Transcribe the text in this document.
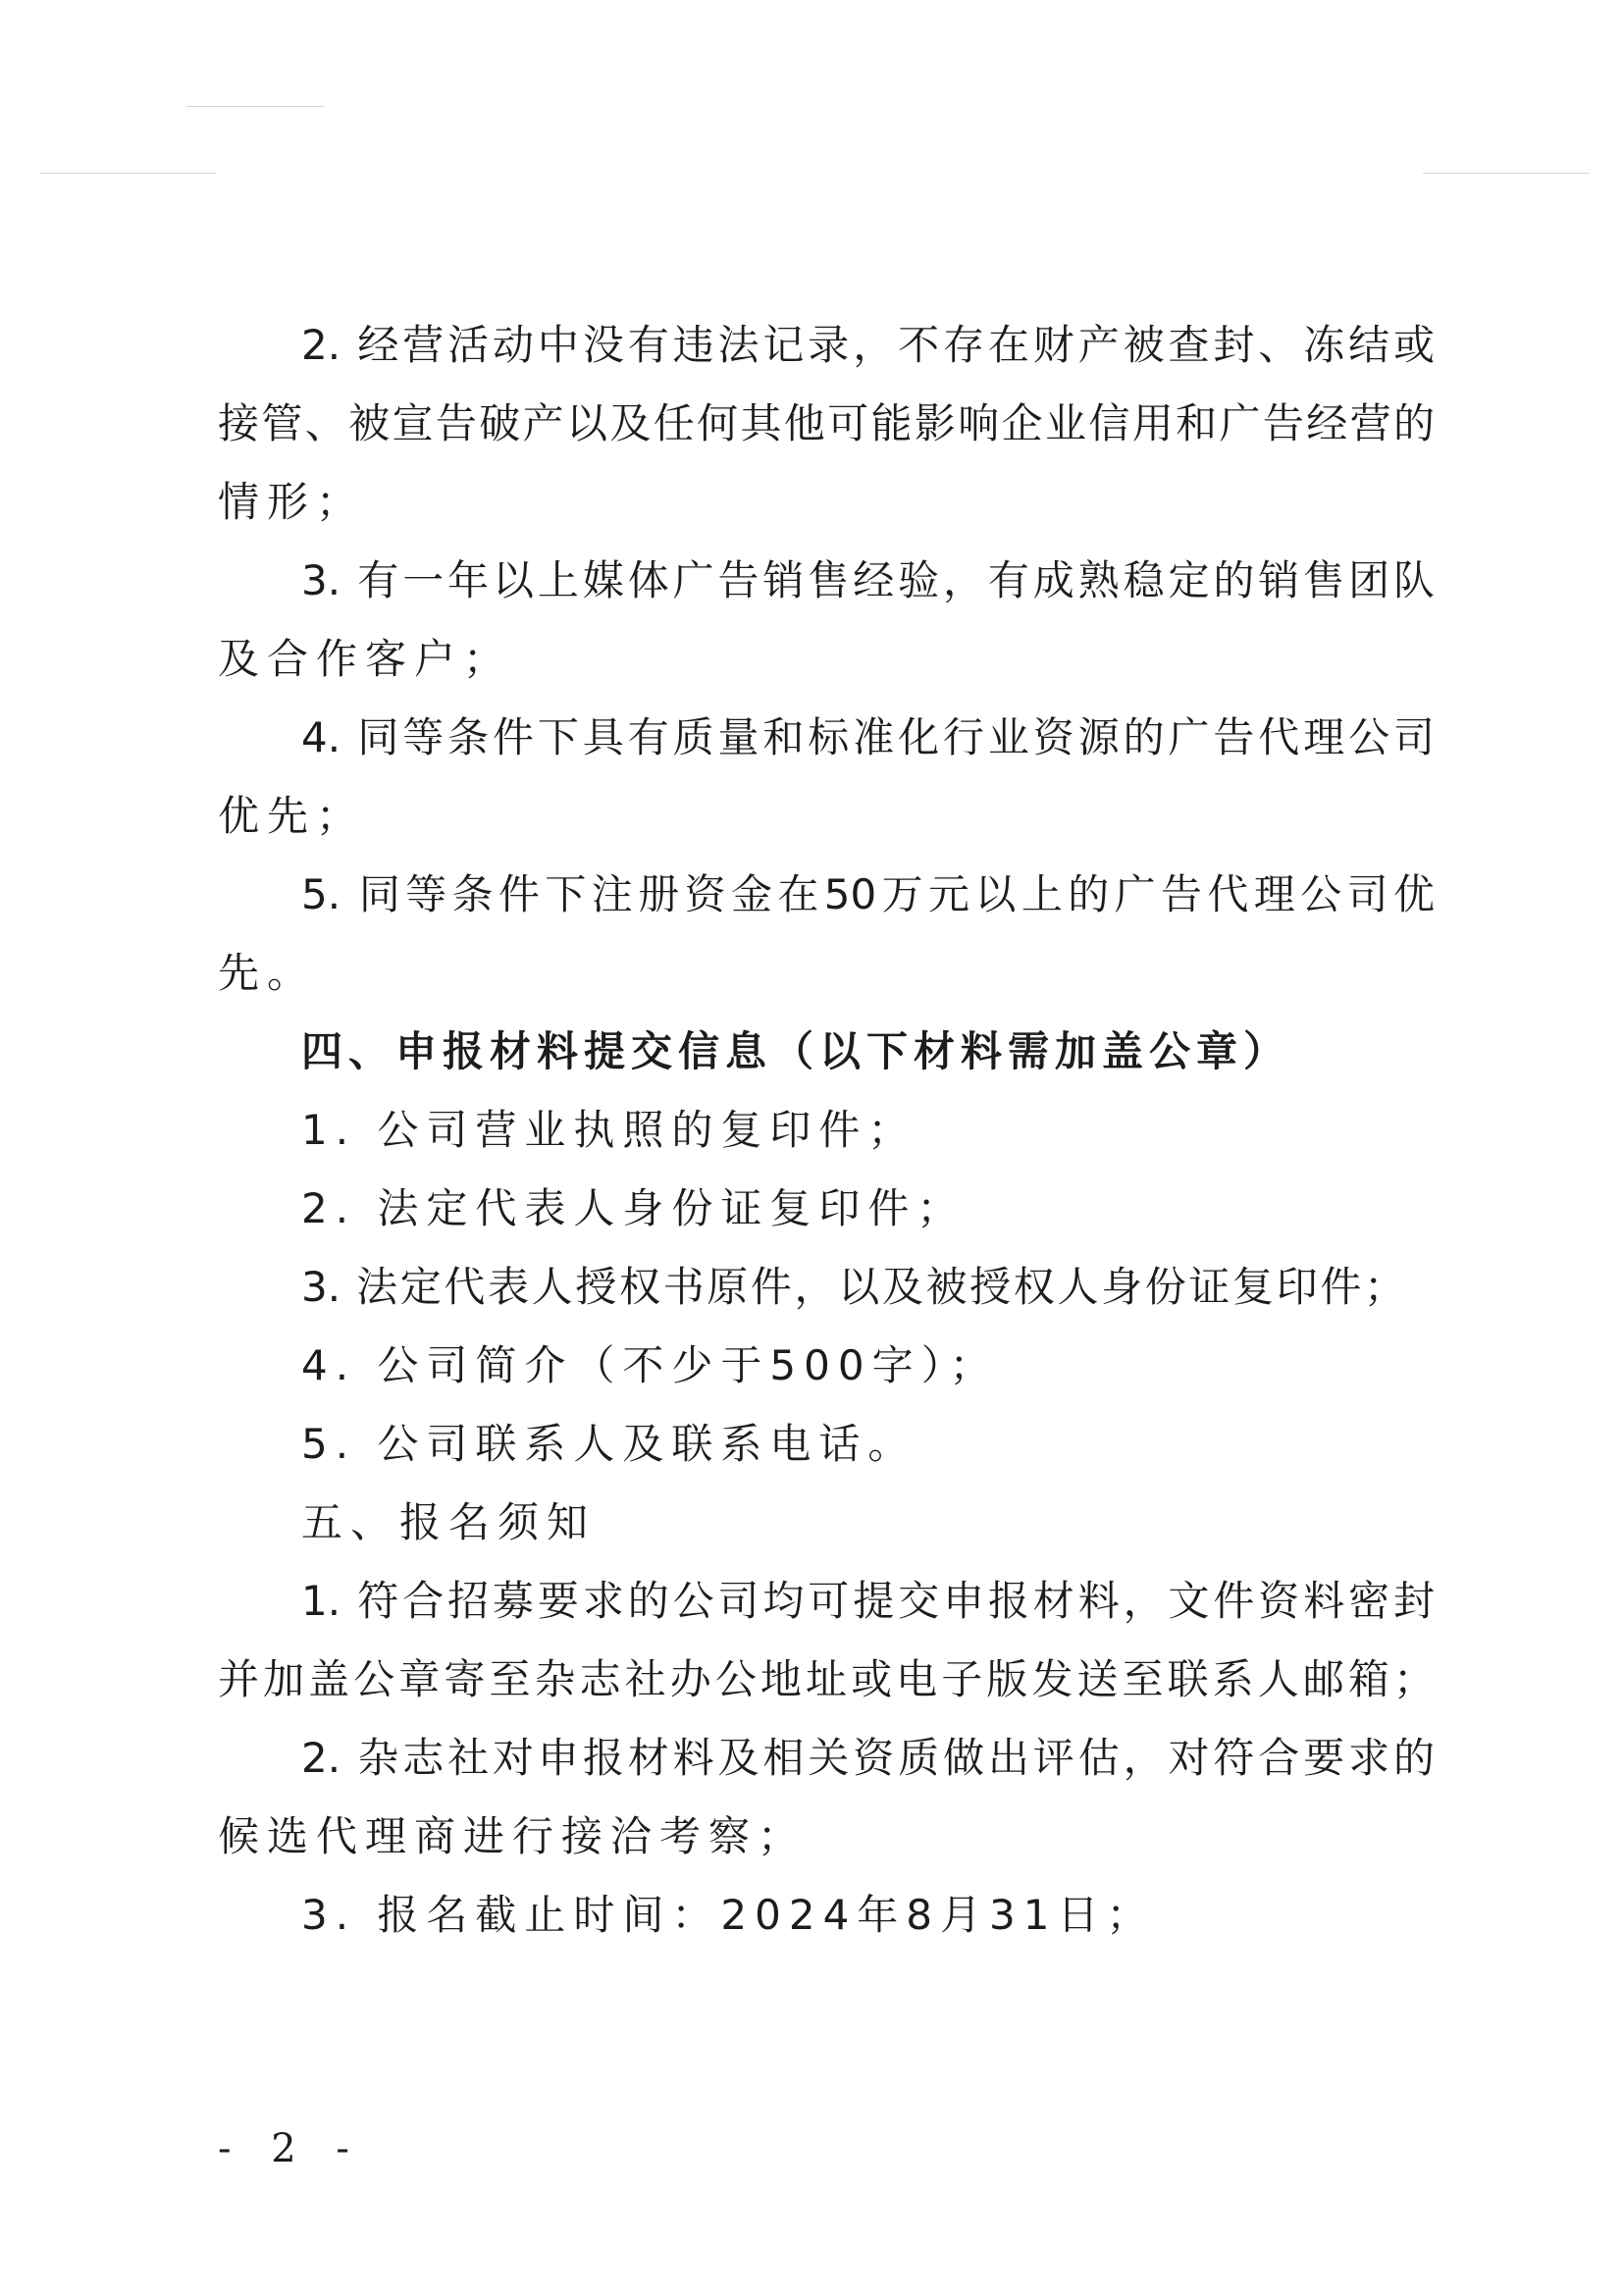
2. 经营活动中没有违法记录，不存在财产被查封、冻结或
接管、被宣告破产以及任何其他可能影响企业信用和广告经营的
情形；
3. 有一年以上媒体广告销售经验，有成熟稳定的销售团队
及合作客户；
4. 同等条件下具有质量和标准化行业资源的广告代理公司
优先；
5. 同等条件下注册资金在50万元以上的广告代理公司优
先。
四、申报材料提交信息（以下材料需加盖公章）
1. 公司营业执照的复印件；
2. 法定代表人身份证复印件；
3. 法定代表人授权书原件，以及被授权人身份证复印件；
4. 公司简介（不少于500字）；
5. 公司联系人及联系电话。
五、报名须知
1. 符合招募要求的公司均可提交申报材料，文件资料密封
并加盖公章寄至杂志社办公地址或电子版发送至联系人邮箱；
2. 杂志社对申报材料及相关资质做出评估，对符合要求的
候选代理商进行接洽考察；
3. 报名截止时间：2024年8月31日；
- 2 -
